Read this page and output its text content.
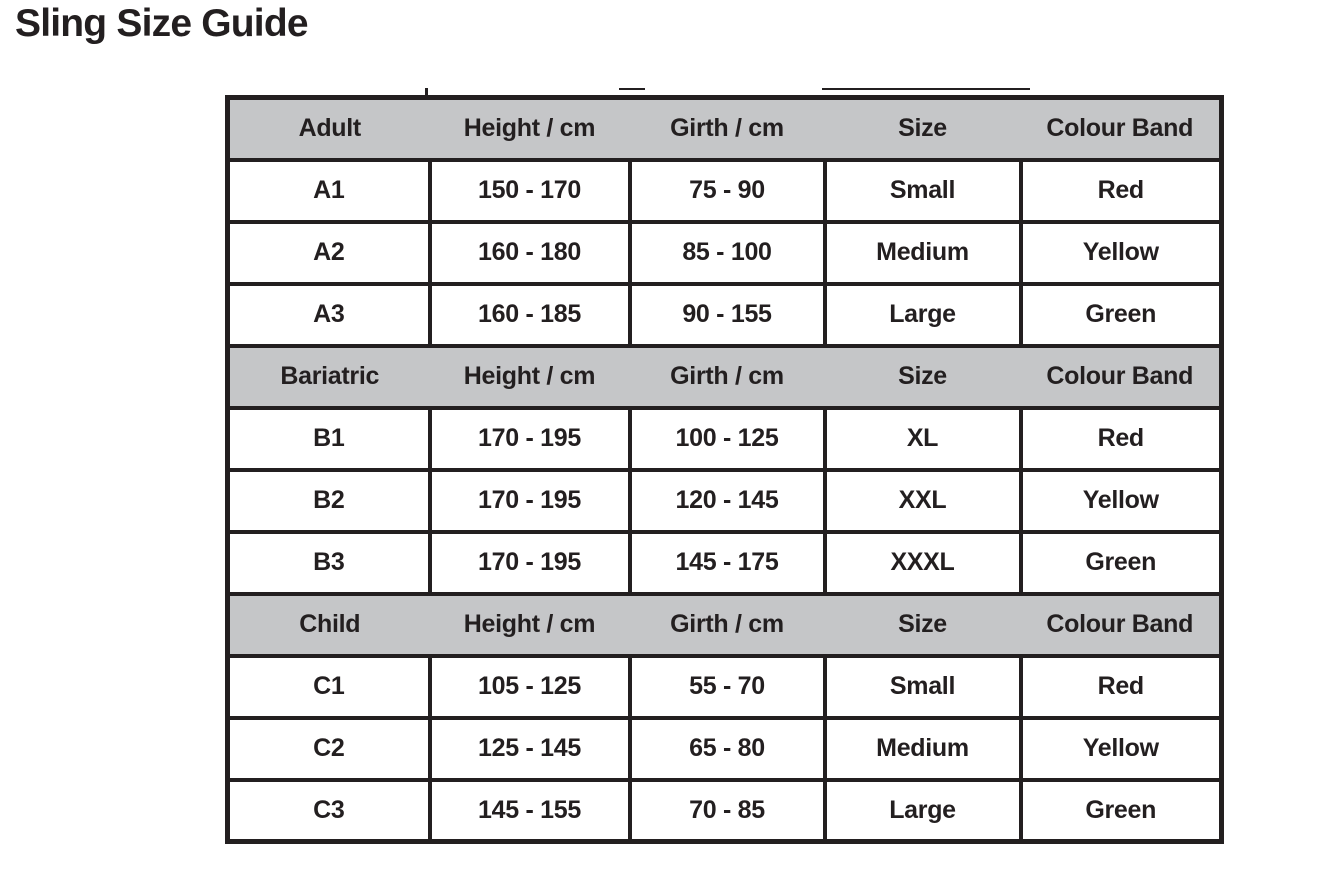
Sling Size Guide
Adult	Height / cm	Girth / cm	Size	Colour Band
A1	150 - 170	75 - 90	Small	Red
A2	160 - 180	85 - 100	Medium	Yellow
A3	160 - 185	90 - 155	Large	Green
Bariatric	Height / cm	Girth / cm	Size	Colour Band
B1	170 - 195	100 - 125	XL	Red
B2	170 - 195	120 - 145	XXL	Yellow
B3	170 - 195	145 - 175	XXXL	Green
Child	Height / cm	Girth / cm	Size	Colour Band
C1	105 - 125	55 - 70	Small	Red
C2	125 - 145	65 - 80	Medium	Yellow
C3	145 - 155	70 - 85	Large	Green
